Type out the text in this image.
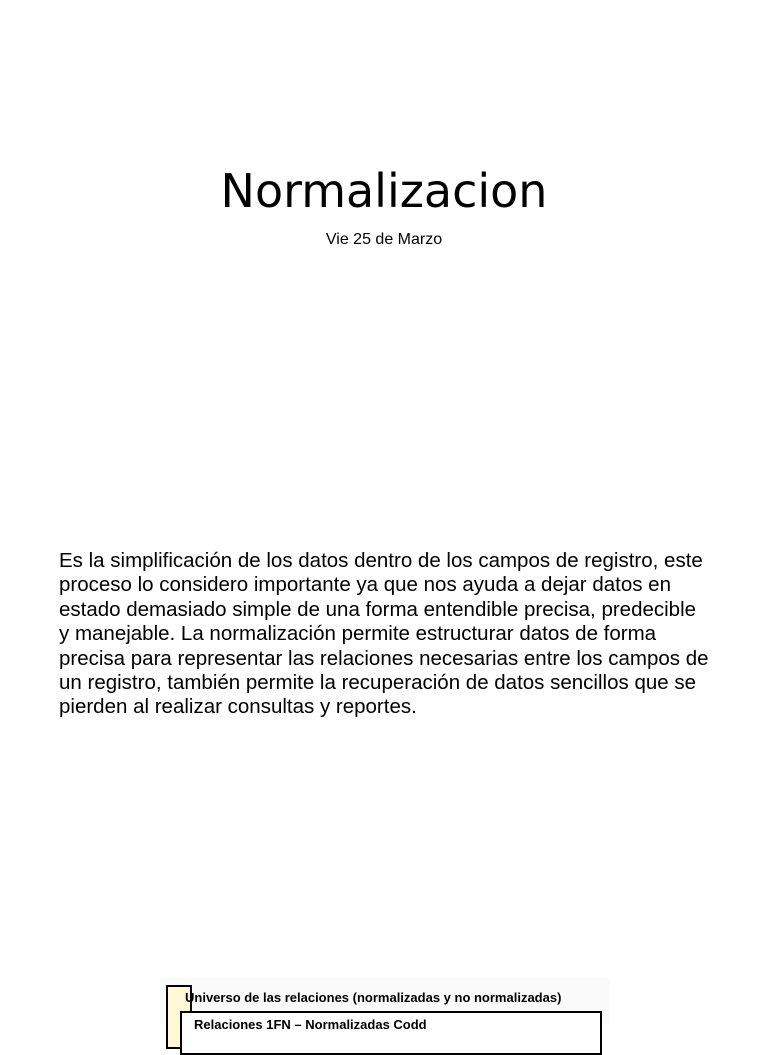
Normalizacion
Vie 25 de Marzo
Es la simplificación de los datos dentro de los campos de registro, este proceso lo considero importante ya que nos ayuda a dejar datos en estado demasiado simple de una forma entendible precisa, predecible y manejable. La normalización permite estructurar datos de forma precisa para representar las relaciones necesarias entre los campos de un registro, también permite la recuperación de datos sencillos que se pierden al realizar consultas y reportes.
Universo de las relaciones (normalizadas y no normalizadas)
Relaciones 1FN – Normalizadas Codd
